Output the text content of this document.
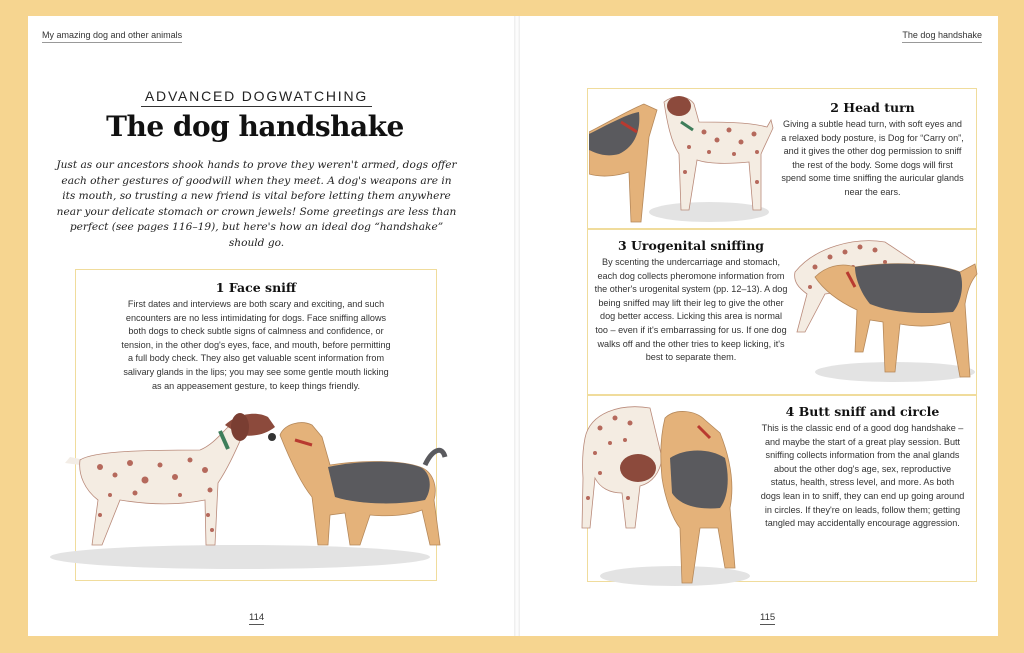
My amazing dog and other animals	The dog handshake
ADVANCED DOGWATCHING
The dog handshake

Just as our ancestors shook hands to prove they weren't armed, dogs offer each other gestures of goodwill when they meet. A dog's weapons are in its mouth, so trusting a new friend is vital before letting them anywhere near your delicate stomach or crown jewels! Some greetings are less than perfect (see pages 116–19), but here's how an ideal dog “handshake” should go.

1 Face sniff

First dates and interviews are both scary and exciting, and such encounters are no less intimidating for dogs. Face sniffing allows both dogs to check subtle signs of calmness and confidence, or tension, in the other dog's eyes, face, and mouth, before permitting a full body check. They also get valuable scent information from salivary glands in the lips; you may see some gentle mouth licking as an appeasement gesture, to keep things friendly.

2 Head turn

Giving a subtle head turn, with soft eyes and a relaxed body posture, is Dog for “Carry on”, and it gives the other dog permission to sniff the rest of the body. Some dogs will first spend some time sniffing the auricular glands near the ears.

3 Urogenital sniffing

By scenting the undercarriage and stomach, each dog collects pheromone information from the other's urogenital system (pp. 12–13). A dog being sniffed may lift their leg to give the other dog better access. Licking this area is normal too – even if it's embarrassing for us. If one dog walks off and the other tries to keep licking, it's best to separate them.

4 Butt sniff and circle

This is the classic end of a good dog handshake – and maybe the start of a great play session. Butt sniffing collects information from the anal glands about the other dog's age, sex, reproductive status, health, stress level, and more. As both dogs lean in to sniff, they can end up going around in circles. If they're on leads, follow them; getting tangled may accidentally encourage aggression.

114	115
